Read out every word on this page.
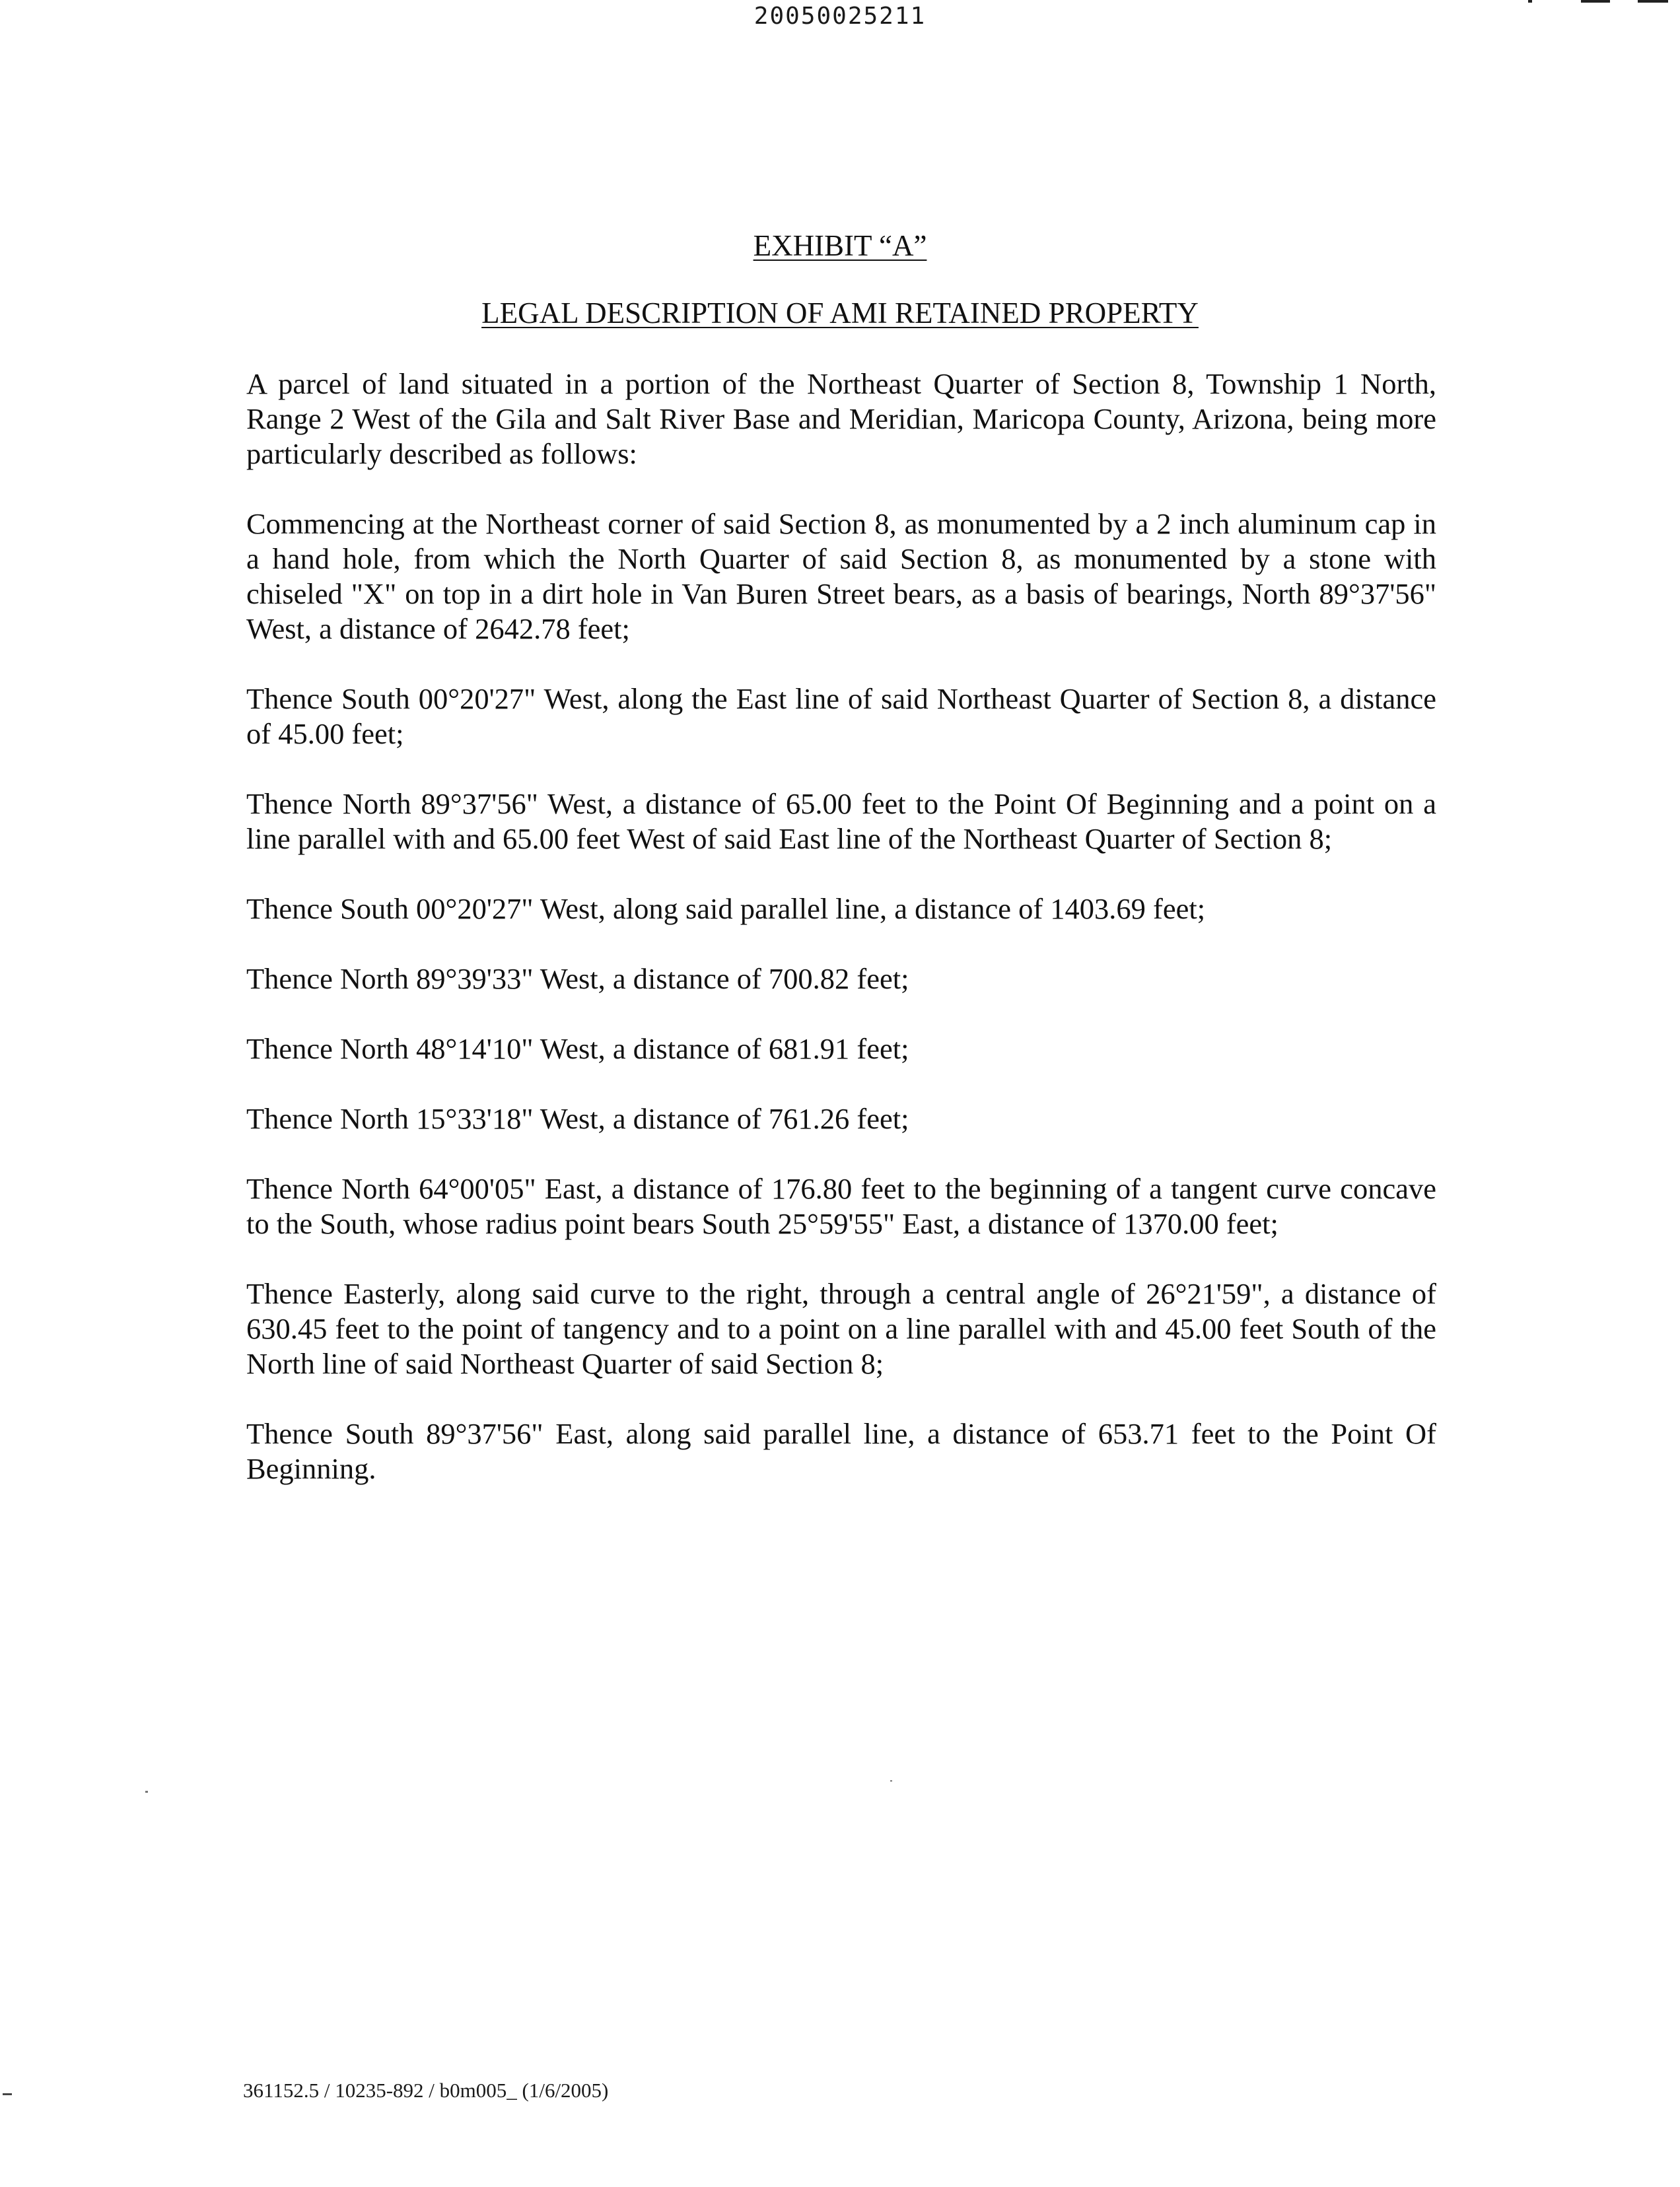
20050025211
EXHIBIT “A”
LEGAL DESCRIPTION OF AMI RETAINED PROPERTY

A parcel of land situated in a portion of the Northeast Quarter of Section 8, Township 1 North, Range 2 West of the Gila and Salt River Base and Meridian, Maricopa County, Arizona, being more particularly described as follows:

Commencing at the Northeast corner of said Section 8, as monumented by a 2 inch aluminum cap in a hand hole, from which the North Quarter of said Section 8, as monumented by a stone with chiseled "X" on top in a dirt hole in Van Buren Street bears, as a basis of bearings, North 89°37'56" West, a distance of 2642.78 feet;

Thence South 00°20'27" West, along the East line of said Northeast Quarter of Section 8, a distance of 45.00 feet;

Thence North 89°37'56" West, a distance of 65.00 feet to the Point Of Beginning and a point on a line parallel with and 65.00 feet West of said East line of the Northeast Quarter of Section 8;

Thence South 00°20'27" West, along said parallel line, a distance of 1403.69 feet;

Thence North 89°39'33" West, a distance of 700.82 feet;

Thence North 48°14'10" West, a distance of 681.91 feet;

Thence North 15°33'18" West, a distance of 761.26 feet;

Thence North 64°00'05" East, a distance of 176.80 feet to the beginning of a tangent curve concave to the South, whose radius point bears South 25°59'55" East, a distance of 1370.00 feet;

Thence Easterly, along said curve to the right, through a central angle of 26°21'59", a distance of 630.45 feet to the point of tangency and to a point on a line parallel with and 45.00 feet South of the North line of said Northeast Quarter of said Section 8;

Thence South 89°37'56" East, along said parallel line, a distance of 653.71 feet to the Point Of Beginning.

361152.5 / 10235-892 / b0m005_ (1/6/2005)
